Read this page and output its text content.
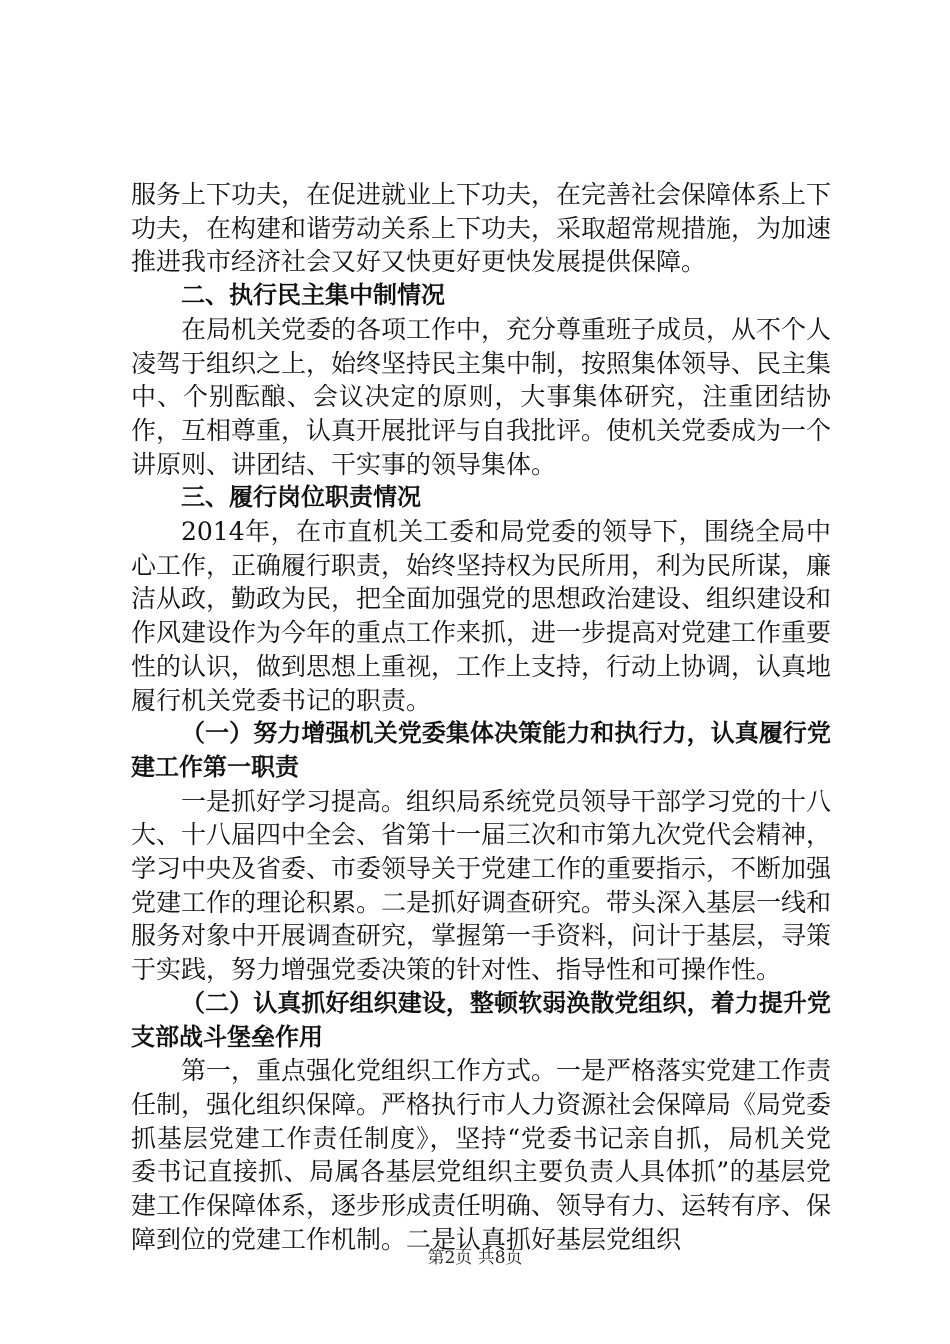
服务上下功夫，在促进就业上下功夫，在完善社会保障体系上下功夫，在构建和谐劳动关系上下功夫，采取超常规措施，为加速推进我市经济社会又好又快更好更快发展提供保障。

二、执行民主集中制情况

在局机关党委的各项工作中，充分尊重班子成员，从不个人凌驾于组织之上，始终坚持民主集中制，按照集体领导、民主集中、个别酝酿、会议决定的原则，大事集体研究，注重团结协作，互相尊重，认真开展批评与自我批评。使机关党委成为一个讲原则、讲团结、干实事的领导集体。

三、履行岗位职责情况

2014年，在市直机关工委和局党委的领导下，围绕全局中心工作，正确履行职责，始终坚持权为民所用，利为民所谋，廉洁从政，勤政为民，把全面加强党的思想政治建设、组织建设和作风建设作为今年的重点工作来抓，进一步提高对党建工作重要性的认识，做到思想上重视，工作上支持，行动上协调，认真地履行机关党委书记的职责。

（一）努力增强机关党委集体决策能力和执行力，认真履行党建工作第一职责

一是抓好学习提高。组织局系统党员领导干部学习党的十八大、十八届四中全会、省第十一届三次和市第九次党代会精神，学习中央及省委、市委领导关于党建工作的重要指示，不断加强党建工作的理论积累。二是抓好调查研究。带头深入基层一线和服务对象中开展调查研究，掌握第一手资料，问计于基层，寻策于实践，努力增强党委决策的针对性、指导性和可操作性。

（二）认真抓好组织建设，整顿软弱涣散党组织，着力提升党支部战斗堡垒作用

第一，重点强化党组织工作方式。一是严格落实党建工作责任制，强化组织保障。严格执行市人力资源社会保障局《局党委抓基层党建工作责任制度》，坚持“党委书记亲自抓，局机关党委书记直接抓、局属各基层党组织主要负责人具体抓”的基层党建工作保障体系，逐步形成责任明确、领导有力、运转有序、保障到位的党建工作机制。二是认真抓好基层党组织

第2页 共8页
